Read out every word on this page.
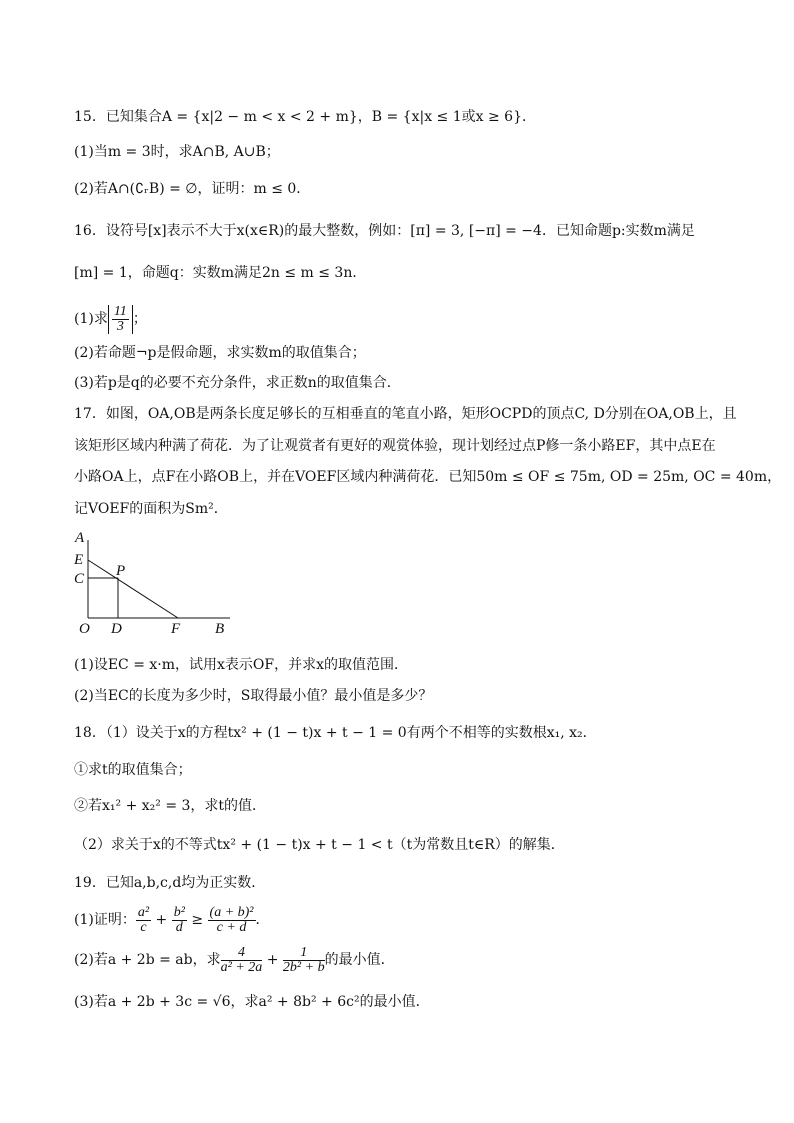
15．已知集合A = {x|2 − m < x < 2 + m}，B = {x|x ≤ 1或x ≥ 6}．
(1)当m = 3时，求A∩B, A∪B；
(2)若A∩(∁ᵣB) = ∅，证明：m ≤ 0．
16．设符号[x]表示不大于x(x∈R)的最大整数，例如：[π] = 3, [−π] = −4．已知命题p:实数m满足
[m] = 1，命题q：实数m满足2n ≤ m ≤ 3n．
(1)求 $\frac{11}{3}$ ；
(2)若命题¬p是假命题，求实数m的取值集合；
(3)若p是q的必要不充分条件，求正数n的取值集合．
17．如图，OA,OB是两条长度足够长的互相垂直的笔直小路，矩形OCPD的顶点C, D分别在OA,OB上，且
该矩形区域内种满了荷花．为了让观赏者有更好的观赏体验，现计划经过点P修一条小路EF，其中点E在
小路OA上，点F在小路OB上，并在VOEF区域内种满荷花．已知50m ≤ OF ≤ 75m, OD = 25m, OC = 40m，
记VOEF的面积为Sm²．
A
E
C P
O D	F B
(1)设EC = x·m，试用x表示OF，并求x的取值范围．
(2)当EC的长度为多少时，S取得最小值？最小值是多少？
18．（1）设关于x的方程tx² + (1 − t)x + t − 1 = 0有两个不相等的实数根x₁, x₂．
①求t的取值集合；
②若x₁² + x₂² = 3，求t的值．
（2）求关于x的不等式tx² + (1 − t)x + t − 1 < t（t为常数且t∈R）的解集．
19．已知a,b,c,d均为正实数．
(1)证明： $\frac{\text{a²}}{c} + \frac{\text{b²}}{d} \ge \frac{\text{(a + b)²}}{c + d}$ ．
(2)若a + 2b = ab，求 $\frac{4}{\text{a² + 2a}} + \frac{1}{\text{2b² + b}}$ 的最小值．
(3)若a + 2b + 3c = √6，求a² + 8b² + 6c²的最小值．
